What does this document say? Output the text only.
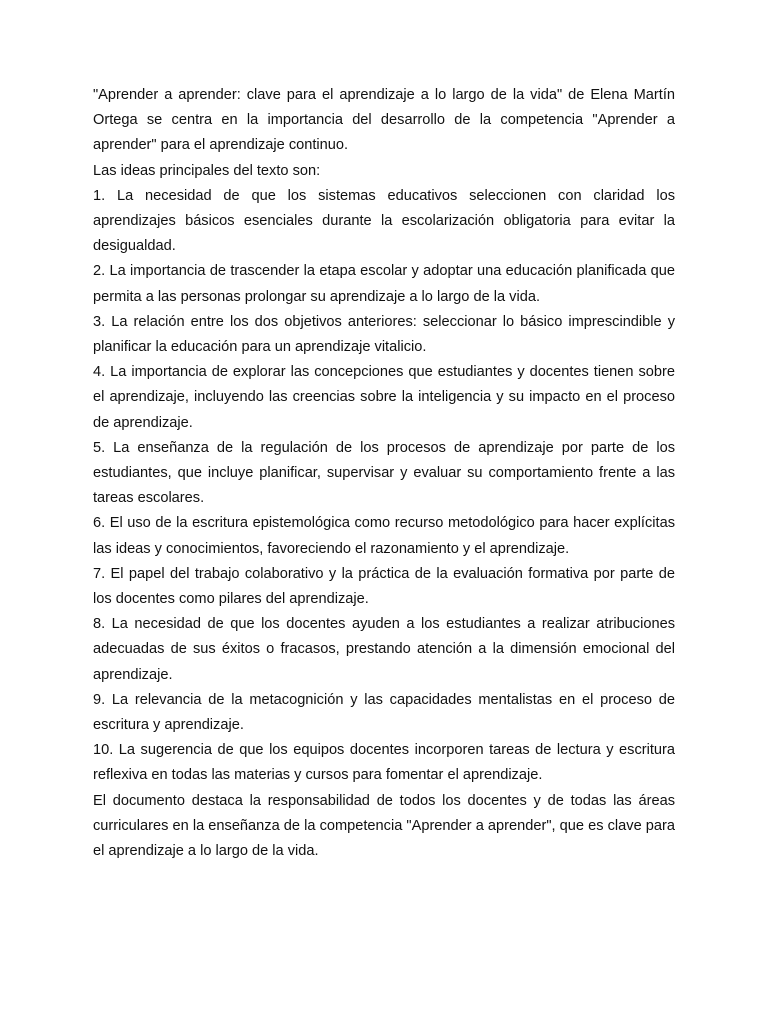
"Aprender a aprender: clave para el aprendizaje a lo largo de la vida" de Elena Martín Ortega se centra en la importancia del desarrollo de la competencia "Aprender a aprender" para el aprendizaje continuo.

Las ideas principales del texto son:

1. La necesidad de que los sistemas educativos seleccionen con claridad los aprendizajes básicos esenciales durante la escolarización obligatoria para evitar la desigualdad.

2. La importancia de trascender la etapa escolar y adoptar una educación planificada que permita a las personas prolongar su aprendizaje a lo largo de la vida.

3. La relación entre los dos objetivos anteriores: seleccionar lo básico imprescindible y planificar la educación para un aprendizaje vitalicio.

4. La importancia de explorar las concepciones que estudiantes y docentes tienen sobre el aprendizaje, incluyendo las creencias sobre la inteligencia y su impacto en el proceso de aprendizaje.

5. La enseñanza de la regulación de los procesos de aprendizaje por parte de los estudiantes, que incluye planificar, supervisar y evaluar su comportamiento frente a las tareas escolares.

6. El uso de la escritura epistemológica como recurso metodológico para hacer explícitas las ideas y conocimientos, favoreciendo el razonamiento y el aprendizaje.

7. El papel del trabajo colaborativo y la práctica de la evaluación formativa por parte de los docentes como pilares del aprendizaje.

8. La necesidad de que los docentes ayuden a los estudiantes a realizar atribuciones adecuadas de sus éxitos o fracasos, prestando atención a la dimensión emocional del aprendizaje.

9. La relevancia de la metacognición y las capacidades mentalistas en el proceso de escritura y aprendizaje.

10. La sugerencia de que los equipos docentes incorporen tareas de lectura y escritura reflexiva en todas las materias y cursos para fomentar el aprendizaje.

El documento destaca la responsabilidad de todos los docentes y de todas las áreas curriculares en la enseñanza de la competencia "Aprender a aprender", que es clave para el aprendizaje a lo largo de la vida.
